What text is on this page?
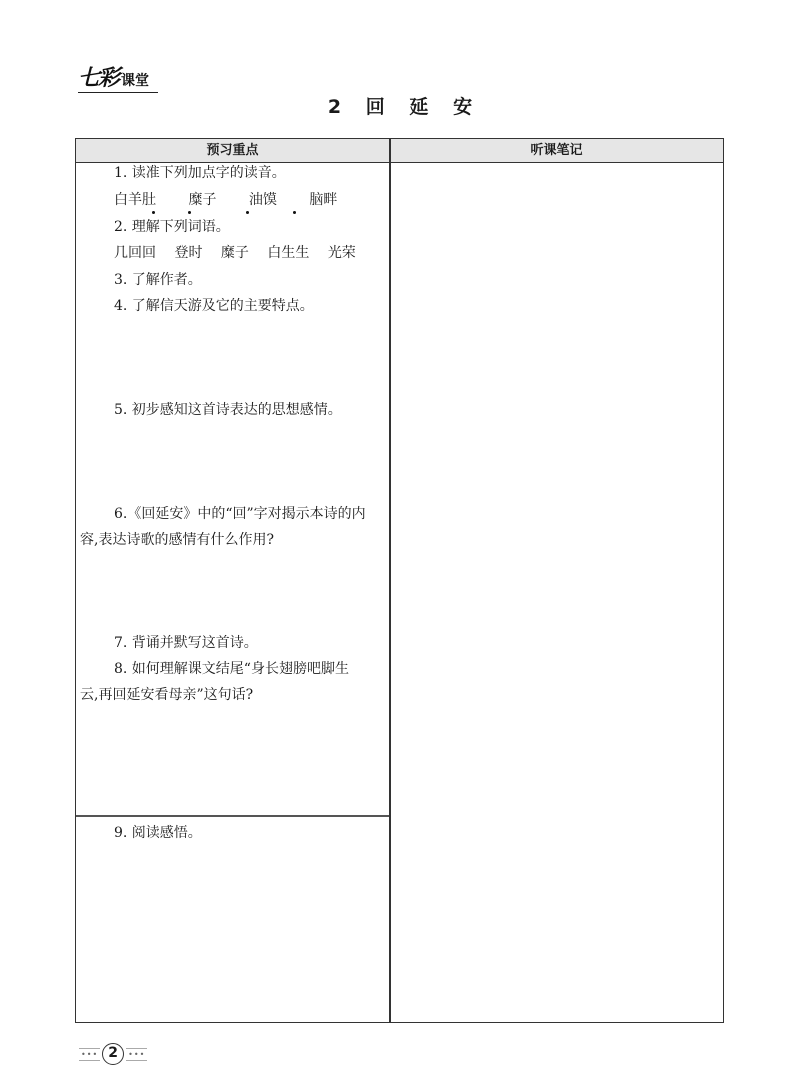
七彩 课堂
2 回 延 安
预习重点	听课笔记
1. 读准下列加点字的读音。
白羊肚 糜子 油馍 脑畔
2. 理解下列词语。
几回回 登时 糜子 白生生 光荣
3. 了解作者。
4. 了解信天游及它的主要特点。
5. 初步感知这首诗表达的思想感情。
6.《回延安》中的“回”字对揭示本诗的内
容,表达诗歌的感情有什么作用?
7. 背诵并默写这首诗。
8. 如何理解课文结尾“身长翅膀吧脚生
云,再回延安看母亲”这句话?
9. 阅读感悟。
••• 2	•••
